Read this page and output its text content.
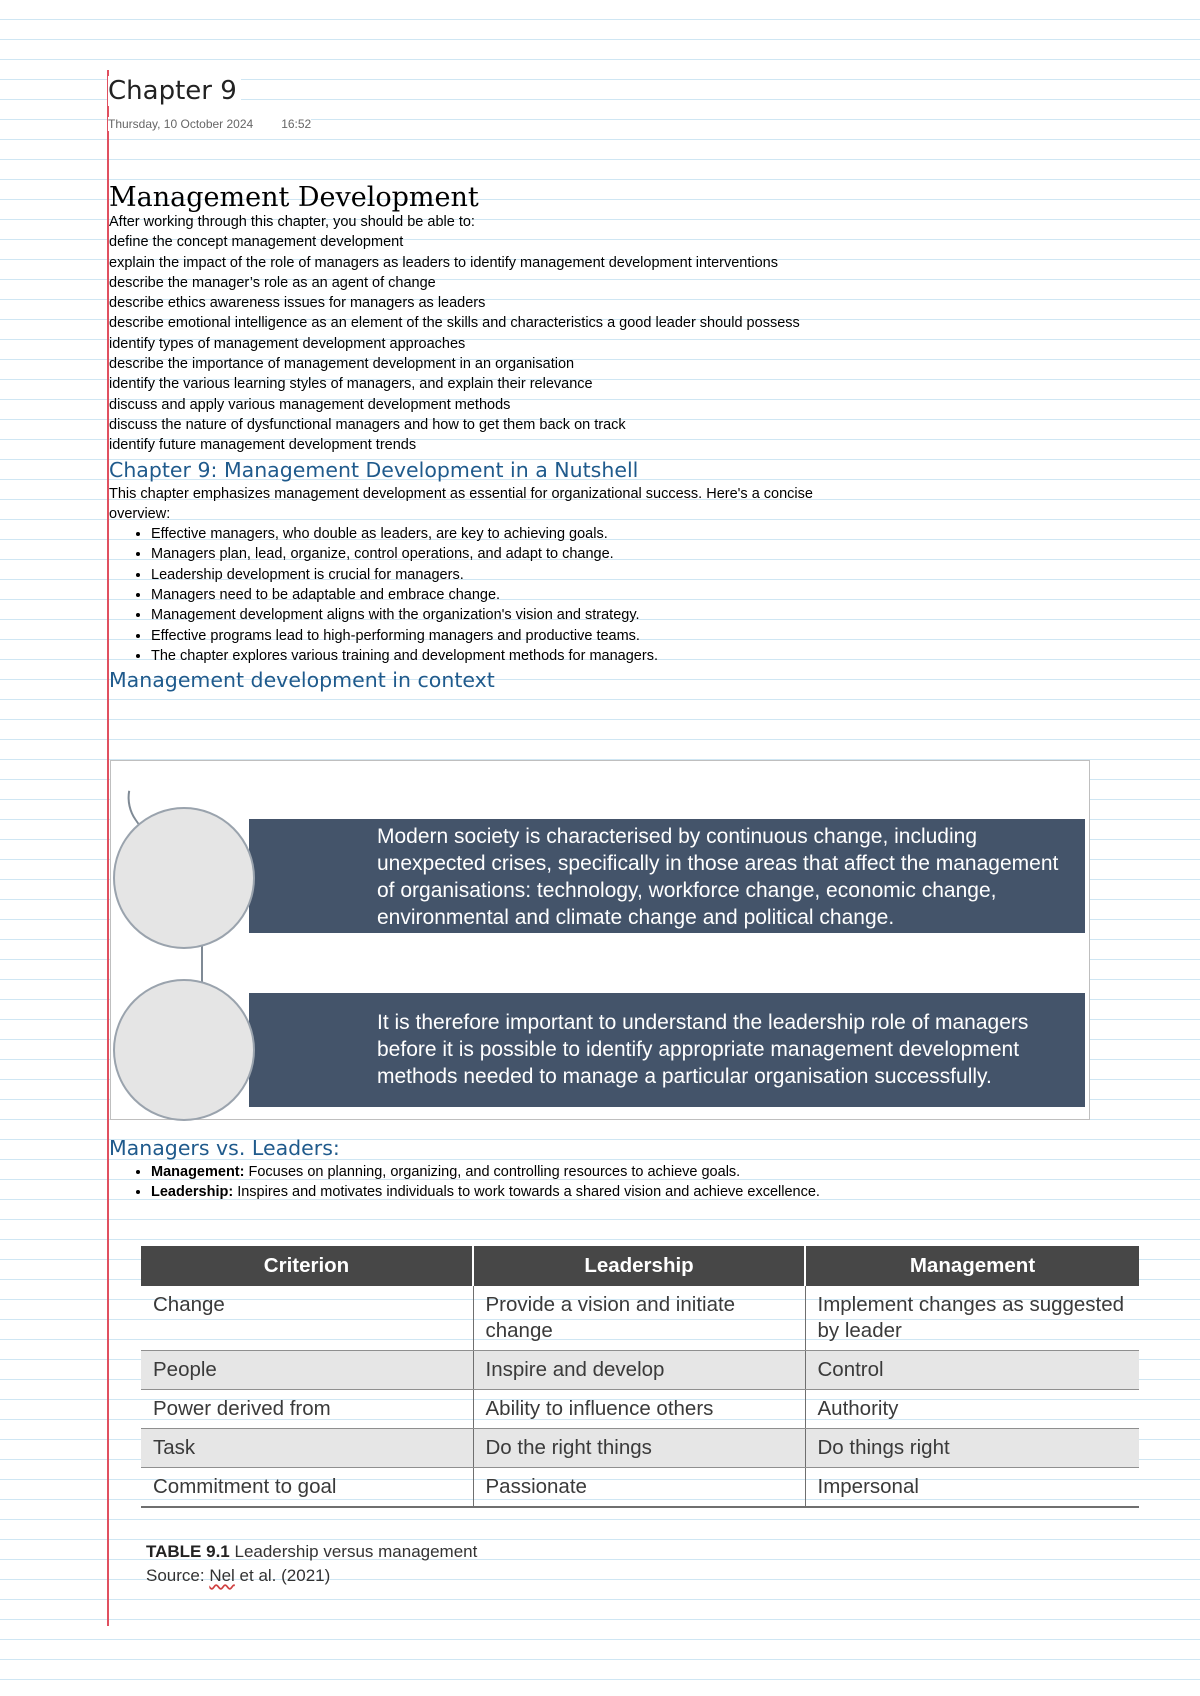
Chapter 9
Thursday, 10 October 2024 16:52
Management Development

After working through this chapter, you should be able to:

define the concept management development

explain the impact of the role of managers as leaders to identify management development interventions

describe the manager’s role as an agent of change

describe ethics awareness issues for managers as leaders

describe emotional intelligence as an element of the skills and characteristics a good leader should possess

identify types of management development approaches

describe the importance of management development in an organisation

identify the various learning styles of managers, and explain their relevance

discuss and apply various management development methods

discuss the nature of dysfunctional managers and how to get them back on track

identify future management development trends

Chapter 9: Management Development in a Nutshell

This chapter emphasizes management development as essential for organizational success. Here's a concise overview:

• Effective managers, who double as leaders, are key to achieving goals.
• Managers plan, lead, organize, control operations, and adapt to change.
• Leadership development is crucial for managers.
• Managers need to be adaptable and embrace change.
• Management development aligns with the organization's vision and strategy.
• Effective programs lead to high-performing managers and productive teams.
• The chapter explores various training and development methods for managers.
Management development in context
Modern society is characterised by continuous change, including unexpected crises, specifically in those areas that affect the management of organisations: technology, workforce change, economic change, environmental and climate change and political change.
It is therefore important to understand the leadership role of managers before it is possible to identify appropriate management development methods needed to manage a particular organisation successfully.
Managers vs. Leaders:
• Management: Focuses on planning, organizing, and controlling resources to achieve goals.
• Leadership: Inspires and motivates individuals to work towards a shared vision and achieve excellence.
Criterion	Leadership	Management
Change	Provide a vision and initiate change	Implement changes as suggested by leader
People	Inspire and develop	Control
Power derived from	Ability to influence others	Authority
Task	Do the right things	Do things right
Commitment to goal	Passionate	Impersonal
TABLE 9.1 Leadership versus management
Source: Nel et al. (2021)
